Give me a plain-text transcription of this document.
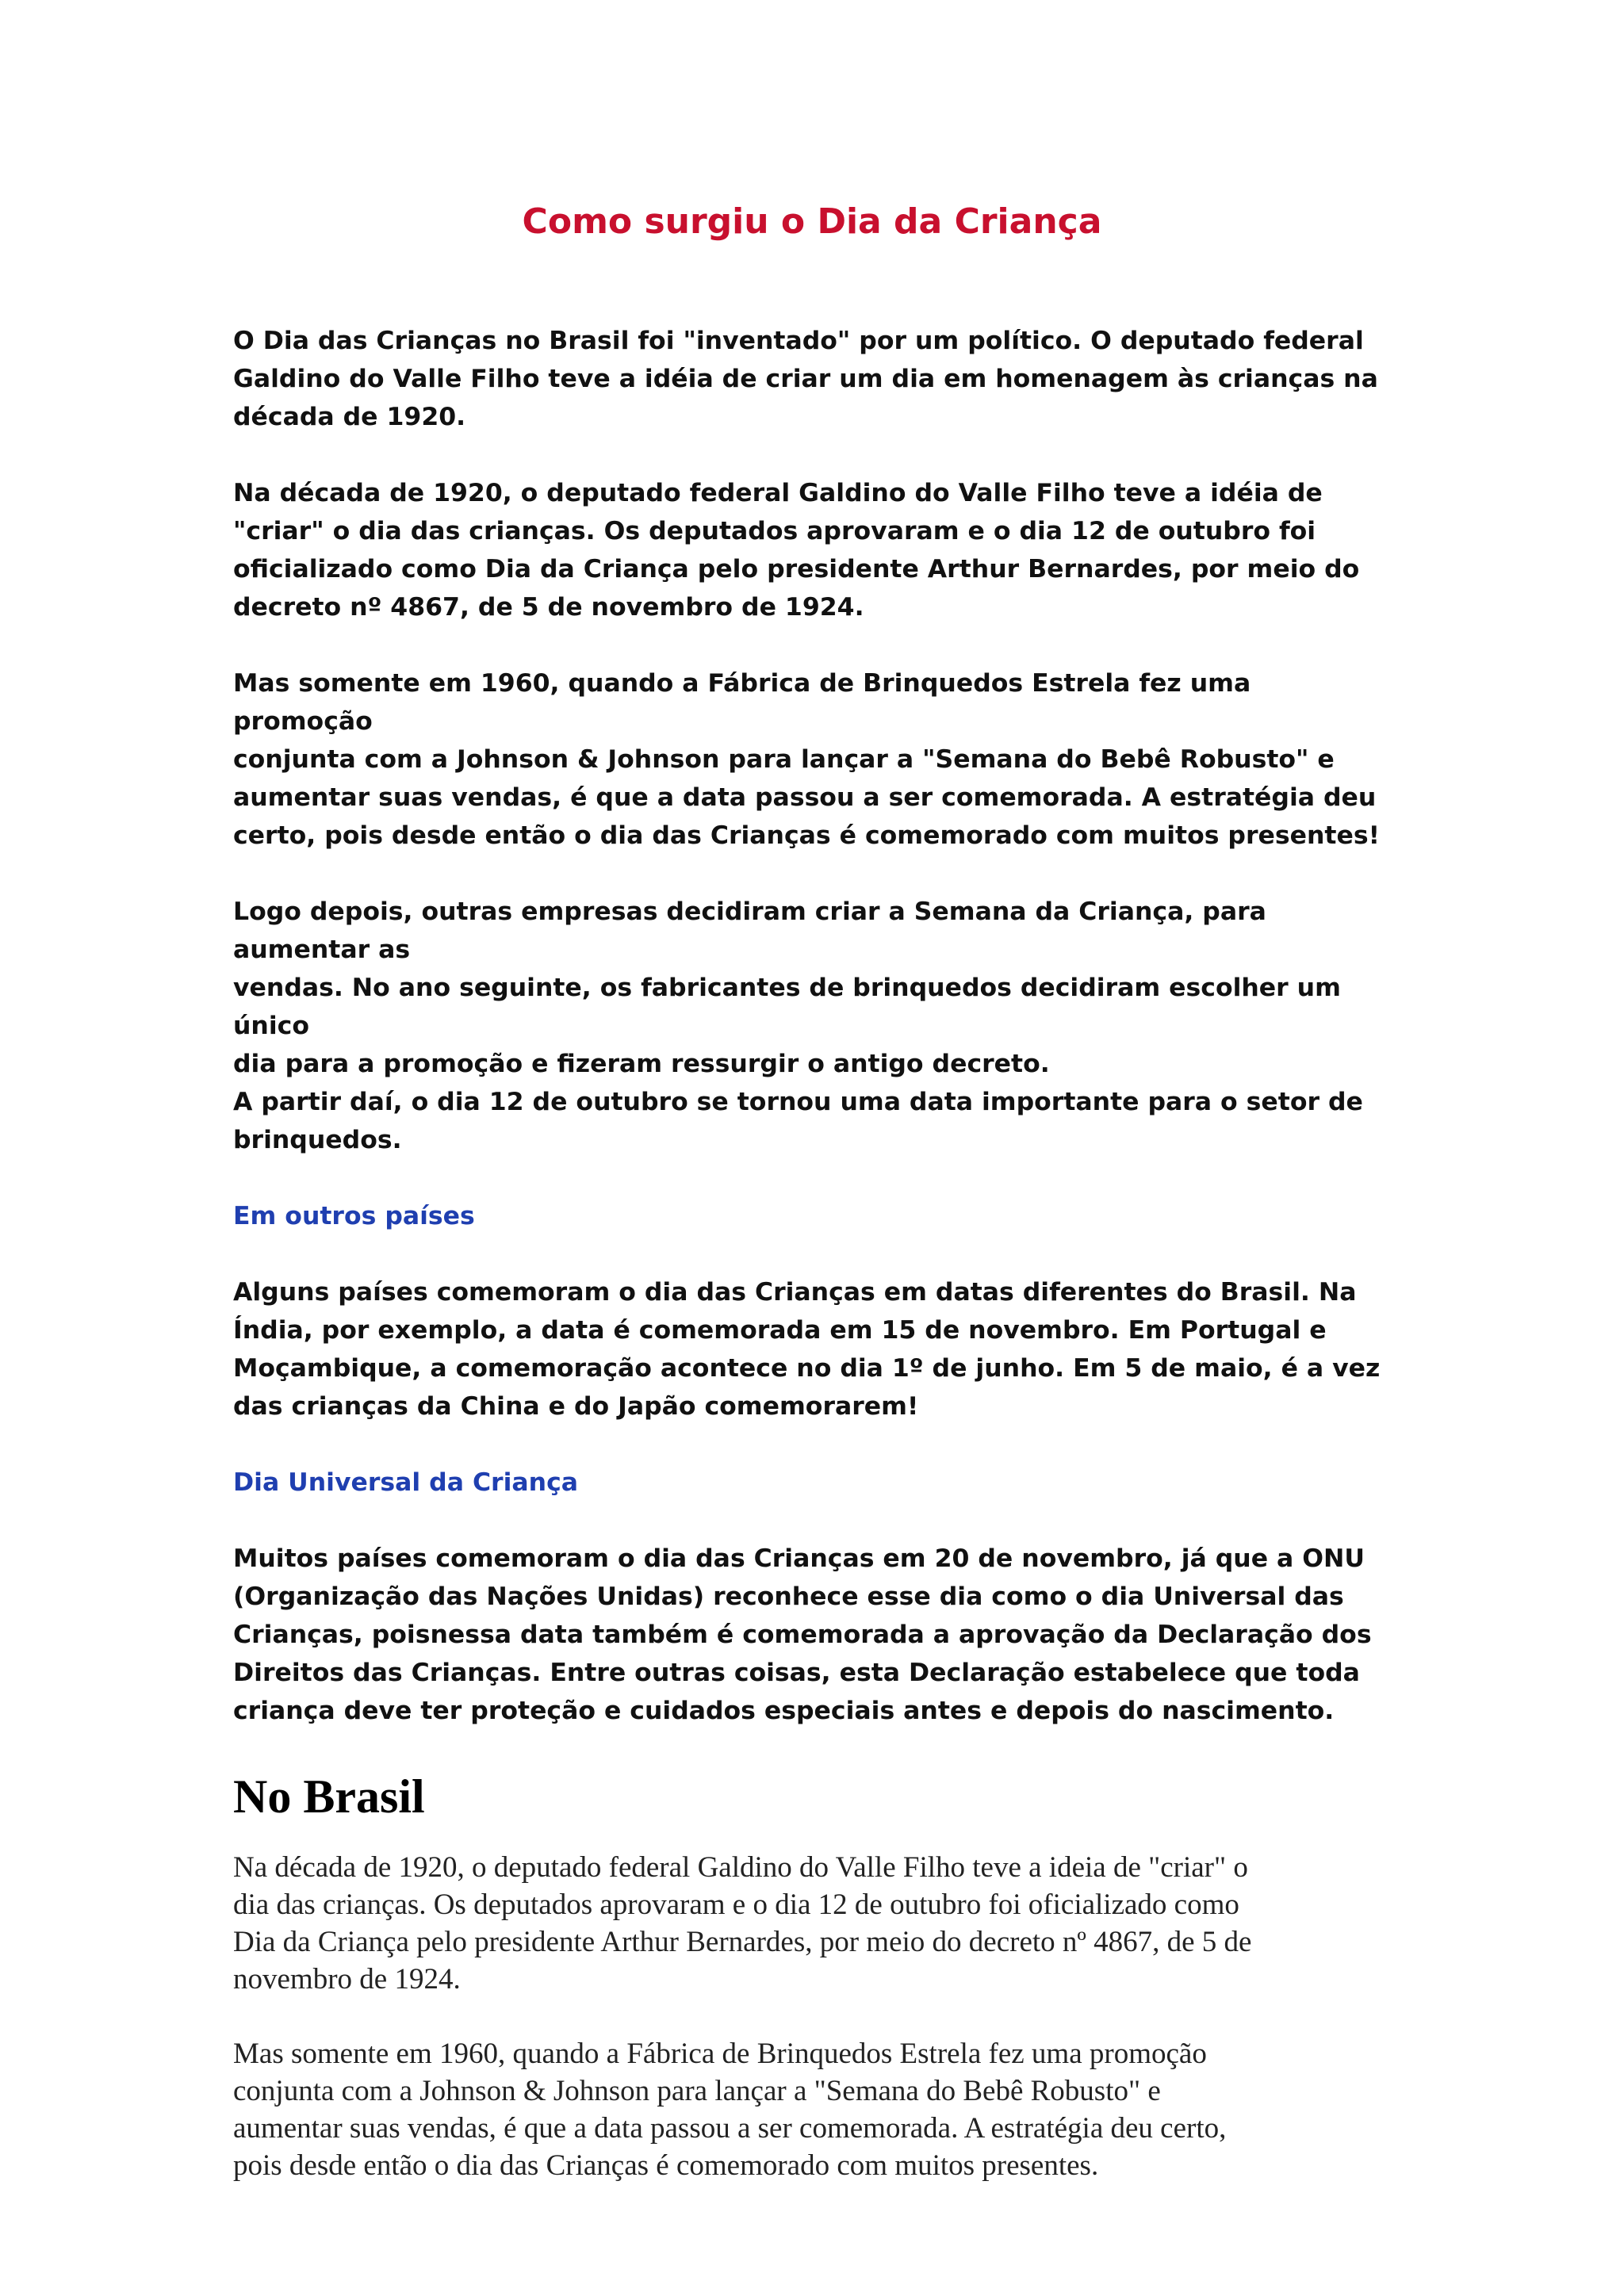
Como surgiu o Dia da Criança

O Dia das Crianças no Brasil foi "inventado" por um político. O deputado federal
Galdino do Valle Filho teve a idéia de criar um dia em homenagem às crianças na
década de 1920.

Na década de 1920, o deputado federal Galdino do Valle Filho teve a idéia de
"criar" o dia das crianças. Os deputados aprovaram e o dia 12 de outubro foi
oficializado como Dia da Criança pelo presidente Arthur Bernardes, por meio do
decreto nº 4867, de 5 de novembro de 1924.

Mas somente em 1960, quando a Fábrica de Brinquedos Estrela fez uma promoção
conjunta com a Johnson & Johnson para lançar a "Semana do Bebê Robusto" e
aumentar suas vendas, é que a data passou a ser comemorada. A estratégia deu
certo, pois desde então o dia das Crianças é comemorado com muitos presentes!

Logo depois, outras empresas decidiram criar a Semana da Criança, para aumentar as
vendas. No ano seguinte, os fabricantes de brinquedos decidiram escolher um único
dia para a promoção e fizeram ressurgir o antigo decreto.

A partir daí, o dia 12 de outubro se tornou uma data importante para o setor de
brinquedos.

Em outros países

Alguns países comemoram o dia das Crianças em datas diferentes do Brasil. Na
Índia, por exemplo, a data é comemorada em 15 de novembro. Em Portugal e
Moçambique, a comemoração acontece no dia 1º de junho. Em 5 de maio, é a vez
das crianças da China e do Japão comemorarem!

Dia Universal da Criança

Muitos países comemoram o dia das Crianças em 20 de novembro, já que a ONU
(Organização das Nações Unidas) reconhece esse dia como o dia Universal das
Crianças, poisnessa data também é comemorada a aprovação da Declaração dos
Direitos das Crianças. Entre outras coisas, esta Declaração estabelece que toda
criança deve ter proteção e cuidados especiais antes e depois do nascimento.

No Brasil

Na década de 1920, o deputado federal Galdino do Valle Filho teve a ideia de "criar" o
dia das crianças. Os deputados aprovaram e o dia 12 de outubro foi oficializado como
Dia da Criança pelo presidente Arthur Bernardes, por meio do decreto nº 4867, de 5 de
novembro de 1924.

Mas somente em 1960, quando a Fábrica de Brinquedos Estrela fez uma promoção
conjunta com a Johnson & Johnson para lançar a "Semana do Bebê Robusto" e
aumentar suas vendas, é que a data passou a ser comemorada. A estratégia deu certo,
pois desde então o dia das Crianças é comemorado com muitos presentes.
